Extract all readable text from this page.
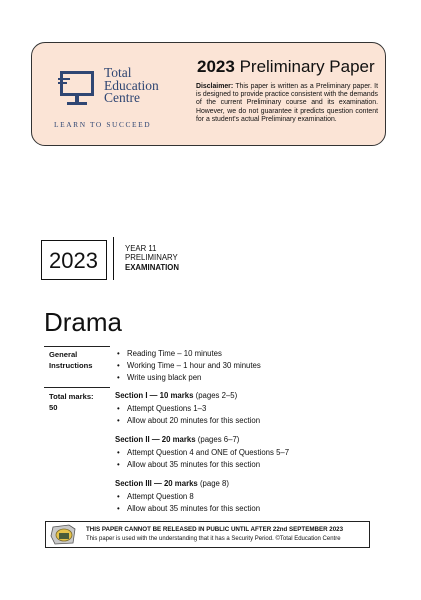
Total
Education
Centre
LEARN TO SUCCEED
2023 Preliminary Paper
Disclaimer: This paper is written as a Preliminary paper. It is designed to provide practice consistent with the demands of the current Preliminary course and its examination. However, we do not guarantee it predicts question content for a student's actual Preliminary examination.
2023	YEAR 11
PRELIMINARY
EXAMINATION
Drama
General
Instructions
• Reading Time – 10 minutes
• Working Time – 1 hour and 30 minutes
• Write using black pen
Total marks:
50
Section I — 10 marks (pages 2–5)
• Attempt Questions 1–3
• Allow about 20 minutes for this section
Section II — 20 marks (pages 6–7)
• Attempt Question 4 and ONE of Questions 5–7
• Allow about 35 minutes for this section
Section III — 20 marks (page 8)
• Attempt Question 8
• Allow about 35 minutes for this section
THIS PAPER CANNOT BE RELEASED IN PUBLIC UNTIL AFTER 22nd SEPTEMBER 2023
This paper is used with the understanding that it has a Security Period. ©Total Education Centre
